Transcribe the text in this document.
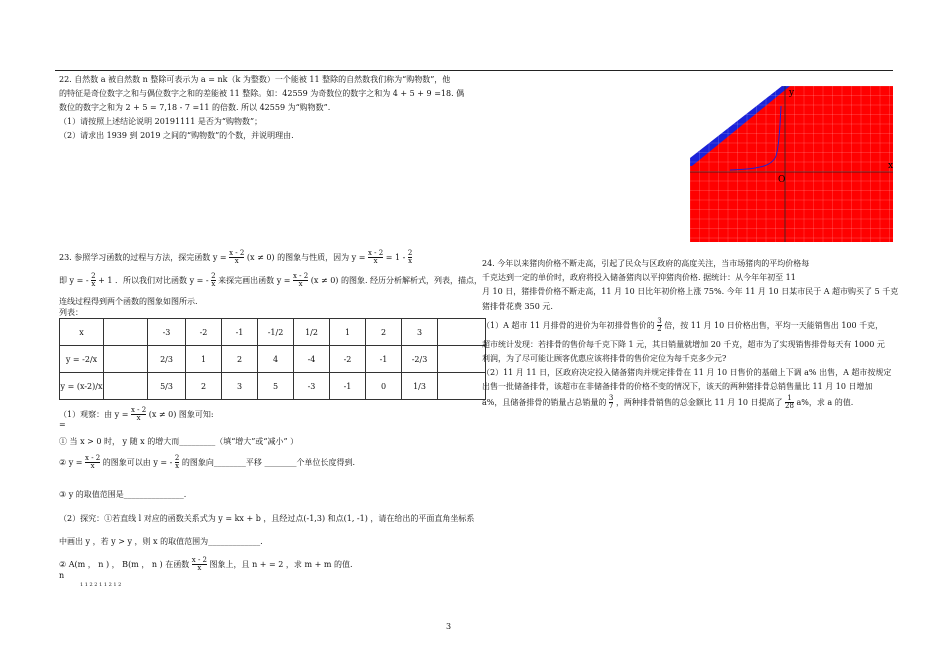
22. 自然数 a 被自然数 n 整除可表示为 a = nk（k 为整数）一个能被 11 整除的自然数我们称为“购物数”，他
的特征是奇位数字之和与偶位数字之和的差能被 11 整除。如：42559 为奇数位的数字之和为 4 + 5 + 9 =18. 偶
数位的数字之和为 2 + 5 = 7,18 - 7 =11 的倍数. 所以 42559 为“购物数”.
（1）请按照上述结论说明 20191111 是否为“购物数”；
（2）请求出 1939 到 2019 之间的“购物数”的个数，并说明理由.
23. 参照学习函数的过程与方法，探完函数 $y = \frac{x - 2}{x} (x \ne 0)$ 的图象与性质，因为 $y = \frac{x - 2}{x} = 1 - \frac{2}{x}$
即 y = - $\frac{2}{x} + 1$ ．所以我们对比函数 y = - $\frac{2}{x}$ 来探完画出函数 $y = \frac{x - 2}{x} (x \ne 0)$ 的图象. 经历分析解析式，列表，描点，
连线过程得到两个函数的图象如图所示.
列表：
x		-3	-2	-1	-1/2	1/2	1	2	3	
y = -2/x		2/3	1	2	4	-4	-2	-1	-2/3	
y = (x-2)/x		5/3	2	3	5	-3	-1	0	1/3	
（1）观察：由 $y = \frac{x - 2}{x} (x \ne 0)$ 图象可知:
=
① 当 x > 0 时， y 随 x 的增大而_________（填“增大”或“减小” ）
② $y = \frac{x - 2}{x}$ 的图象可以由 y = - $\frac{2}{x}$ 的图象向________平移 ________个单位长度得到.
③ y 的取值范围是_______________.
（2）探究：①若直线 l 对应的函数关系式为 y = kx + b ，且经过点(-1,3) 和点(1, -1) ，请在给出的平面直角坐标系
中画出 y ，若 y > y ，则 x 的取值范围为_____________.
② A(m ， n ) ， B(m ， n ) 在函数 $\frac{x - 2}{x}$ 图象上，且 n + = 2 ，求 m + m 的值.
n
1 1 2 2 1 1 2 1 2
x
y
O
24. 今年以来猪肉价格不断走高，引起了民众与区政府的高度关注，当市场猪肉的平均价格每
千克达到一定的单价时，政府将投入储备猪肉以平抑猪肉价格. 据统计：从今年年初至 11
月 10 日，猪排骨价格不断走高，11 月 10 日比年初价格上涨 75%. 今年 11 月 10 日某市民于 A 超市购买了 5 千克
猪排骨花费 350 元.
（1）A 超市 11 月排骨的进价为年初排骨售价的 $\frac{3}{2}$ 倍，按 11 月 10 日价格出售，平均一天能销售出 100 千克，
超市统计发现：若排骨的售价每千克下降 1 元，其日销量就增加 20 千克，超市为了实现销售排骨每天有 1000 元
利润，为了尽可能让顾客优惠应该将排骨的售价定位为每千克多少元?
（2）11 月 11 日，区政府决定投入储备猪肉并规定排骨在 11 月 10 日售价的基础上下调 a% 出售，A 超市按规定
出售一批储备排骨，该超市在非储备排骨的价格不变的情况下，该天的两种猪排骨总销售量比 11 月 10 日增加
a%，且储备排骨的销量占总销量的 $\frac{3}{7}$ ，两种排骨销售的总金额比 11 月 10 日提高了 $\frac{1}{28} a\%$，求 a 的值.
3
